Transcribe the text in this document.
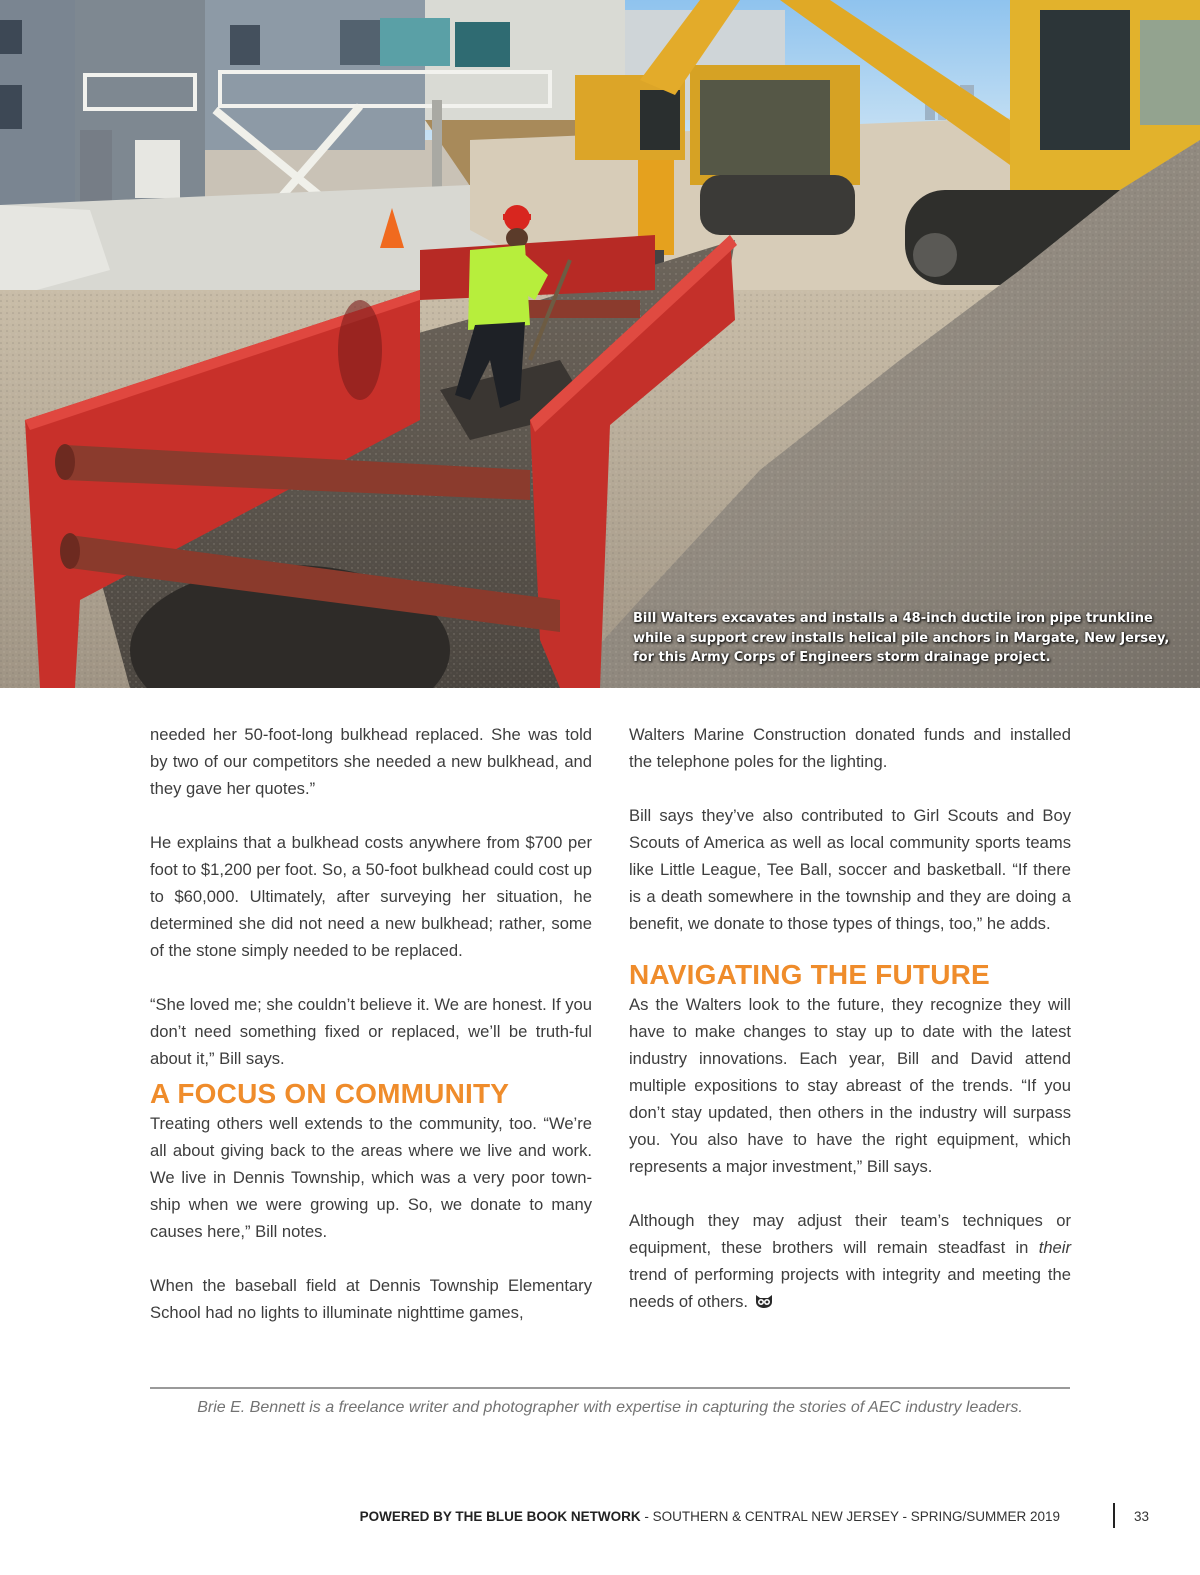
Bill Walters excavates and installs a 48-inch ductile iron pipe trunkline
while a support crew installs helical pile anchors in Margate, New Jersey,
for this Army Corps of Engineers storm drainage project.

needed her 50-foot-long bulkhead replaced. She was told by two of our competitors she needed a new bulkhead, and they gave her quotes.”

He explains that a bulkhead costs anywhere from $700 per foot to $1,200 per foot. So, a 50-foot bulkhead could cost up to $60,000. Ultimately, after surveying her situation, he determined she did not need a new bulkhead; rather, some of the stone simply needed to be replaced.

“She loved me; she couldn’t believe it. We are honest. If you don’t need something fixed or replaced, we’ll be truth-ful about it,” Bill says.

A FOCUS ON COMMUNITY

Treating others well extends to the community, too. “We’re all about giving back to the areas where we live and work. We live in Dennis Township, which was a very poor town-ship when we were growing up. So, we donate to many causes here,” Bill notes.

When the baseball field at Dennis Township Elementary School had no lights to illuminate nighttime games,

Walters Marine Construction donated funds and installed the telephone poles for the lighting.

Bill says they’ve also contributed to Girl Scouts and Boy Scouts of America as well as local community sports teams like Little League, Tee Ball, soccer and basketball. “If there is a death somewhere in the township and they are doing a benefit, we donate to those types of things, too,” he adds.

NAVIGATING THE FUTURE

As the Walters look to the future, they recognize they will have to make changes to stay up to date with the latest industry innovations. Each year, Bill and David attend multiple expositions to stay abreast of the trends. “If you don’t stay updated, then others in the industry will surpass you. You also have to have the right equipment, which represents a major investment,” Bill says.

Although they may adjust their team’s techniques or equipment, these brothers will remain steadfast in their trend of performing projects with integrity and meeting the needs of others.

Brie E. Bennett is a freelance writer and photographer with expertise in capturing the stories of AEC industry leaders.
POWERED BY THE BLUE BOOK NETWORK - SOUTHERN & CENTRAL NEW JERSEY - SPRING/SUMMER 2019	33
